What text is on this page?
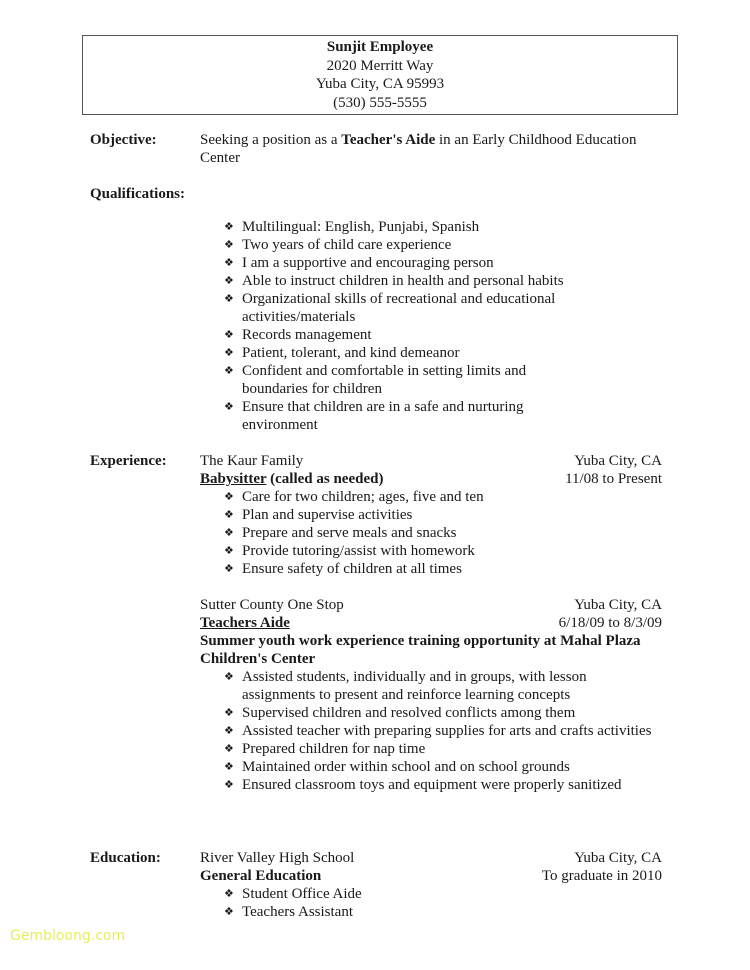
Sunjit Employee
2020 Merritt Way
Yuba City, CA 95993
(530) 555-5555
Objective:	Seeking a position as a Teacher's Aide in an Early Childhood Education Center
Qualifications:
❖ Multilingual: English, Punjabi, Spanish
❖ Two years of child care experience
❖ I am a supportive and encouraging person
❖ Able to instruct children in health and personal habits
❖ Organizational skills of recreational and educational activities/materials
❖ Records management
❖ Patient, tolerant, and kind demeanor
❖ Confident and comfortable in setting limits and boundaries for children
❖ Ensure that children are in a safe and nurturing environment
Experience: The Kaur Family	Yuba City, CA
Babysitter (called as needed)	11/08 to Present
❖ Care for two children; ages, five and ten
❖ Plan and supervise activities
❖ Prepare and serve meals and snacks
❖ Provide tutoring/assist with homework
❖ Ensure safety of children at all times
Sutter County One Stop	Yuba City, CA
Teachers Aide	6/18/09 to 8/3/09
Summer youth work experience training opportunity at Mahal Plaza Children's Center
❖ Assisted students, individually and in groups, with lesson assignments to present and reinforce learning concepts
❖ Supervised children and resolved conflicts among them
❖ Assisted teacher with preparing supplies for arts and crafts activities
❖ Prepared children for nap time
❖ Maintained order within school and on school grounds
❖ Ensured classroom toys and equipment were properly sanitized
Education:	River Valley High School	Yuba City, CA
General Education	To graduate in 2010
❖ Student Office Aide
❖ Teachers Assistant
Gembloong.com
